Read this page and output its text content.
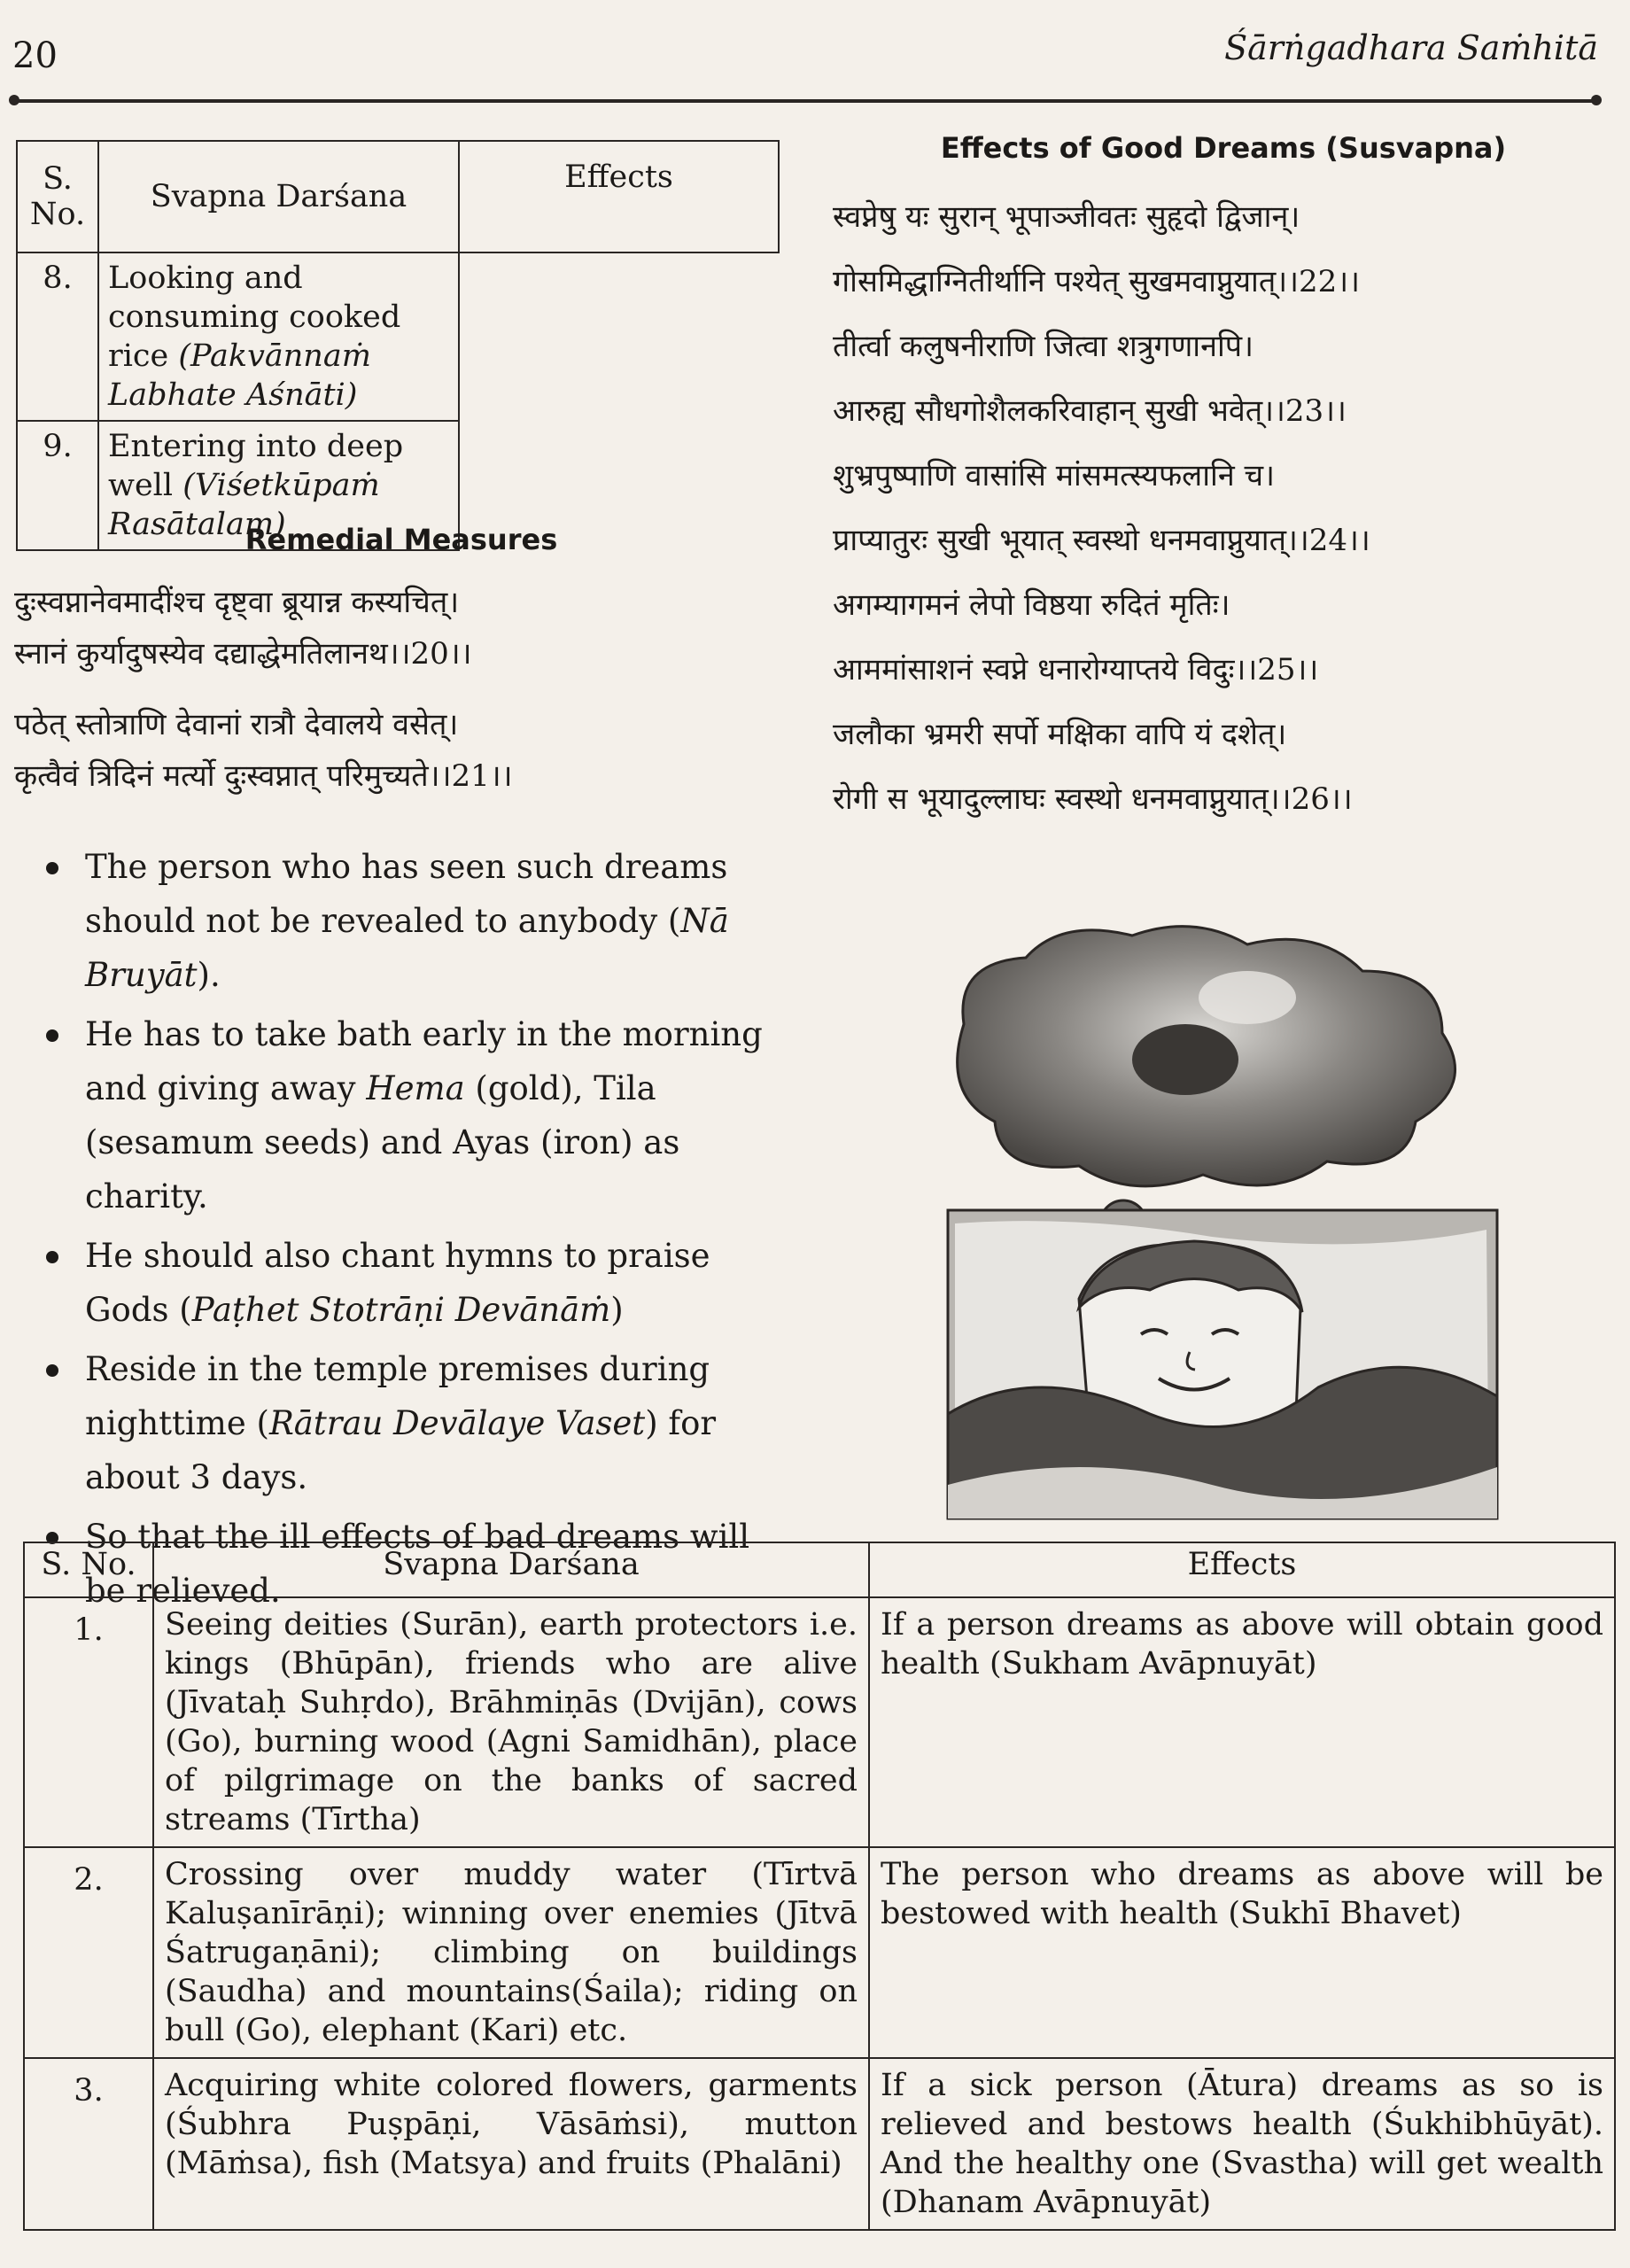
20	Śārṅgadhara Saṁhitā
S. No.	Svapna Darśana	Effects
8.	Looking and consuming cooked rice (Pakvānnaṁ Labhate Aśnāti)	
9.	Entering into deep well (Viśetkūpaṁ Rasātalam)	
Remedial Measures
दुःस्वप्नानेवमादींश्च दृष्ट्वा ब्रूयान्न कस्यचित्।
स्नानं कुर्यादुषस्येव दद्याद्धेमतिलानथ।।20।।
पठेत् स्तोत्राणि देवानां रात्रौ देवालये वसेत्।
कृत्वैवं त्रिदिनं मर्त्यो दुःस्वप्नात् परिमुच्यते।।21।।
The person who has seen such dreams should not be revealed to anybody (Nā Bruyāt).
He has to take bath early in the morning and giving away Hema (gold), Tila (sesamum seeds) and Ayas (iron) as charity.
He should also chant hymns to praise Gods (Paṭhet Stotrāṇi Devānāṁ)
Reside in the temple premises during nighttime (Rātrau Devālaye Vaset) for about 3 days.
So that the ill effects of bad dreams will be relieved.
Effects of Good Dreams (Susvapna)
स्वप्नेषु यः सुरान् भूपाञ्जीवतः सुहृदो द्विजान्।
गोसमिद्धाग्नितीर्थानि पश्येत् सुखमवाप्नुयात्।।22।।
तीर्त्वा कलुषनीराणि जित्वा शत्रुगणानपि।
आरुह्य सौधगोशैलकरिवाहान् सुखी भवेत्।।23।।
शुभ्रपुष्पाणि वासांसि मांसमत्स्यफलानि च।
प्राप्यातुरः सुखी भूयात् स्वस्थो धनमवाप्नुयात्।।24।।
अगम्यागमनं लेपो विष्ठया रुदितं मृतिः।
आममांसाशनं स्वप्ने धनारोग्याप्तये विदुः।।25।।
जलौका भ्रमरी सर्पो मक्षिका वापि यं दशेत्।
रोगी स भूयादुल्लाघः स्वस्थो धनमवाप्नुयात्।।26।।
S. No.	Svapna Darśana	Effects
1.	Seeing deities (Surān), earth protectors i.e. kings (Bhūpān), friends who are alive (Jīvataḥ Suhṛdo), Brāhmiṇās (Dvijān), cows (Go), burning wood (Agni Samidhān), place of pilgrimage on the banks of sacred streams (Tīrtha)	If a person dreams as above will obtain good health (Sukham Avāpnuyāt)
2.	Crossing over muddy water (Tīrtvā Kaluṣanīrāṇi); winning over enemies (Jītvā Śatrugaṇāni); climbing on buildings (Saudha) and mountains(Śaila); riding on bull (Go), elephant (Kari) etc.	The person who dreams as above will be bestowed with health (Sukhī Bhavet)
3.	Acquiring white colored flowers, garments (Śubhra Puṣpāṇi, Vāsāṁsi), mutton (Māṁsa), fish (Matsya) and fruits (Phalāni)	If a sick person (Ātura) dreams as so is relieved and bestows health (Śukhibhūyāt). And the healthy one (Svastha) will get wealth (Dhanam Avāpnuyāt)
